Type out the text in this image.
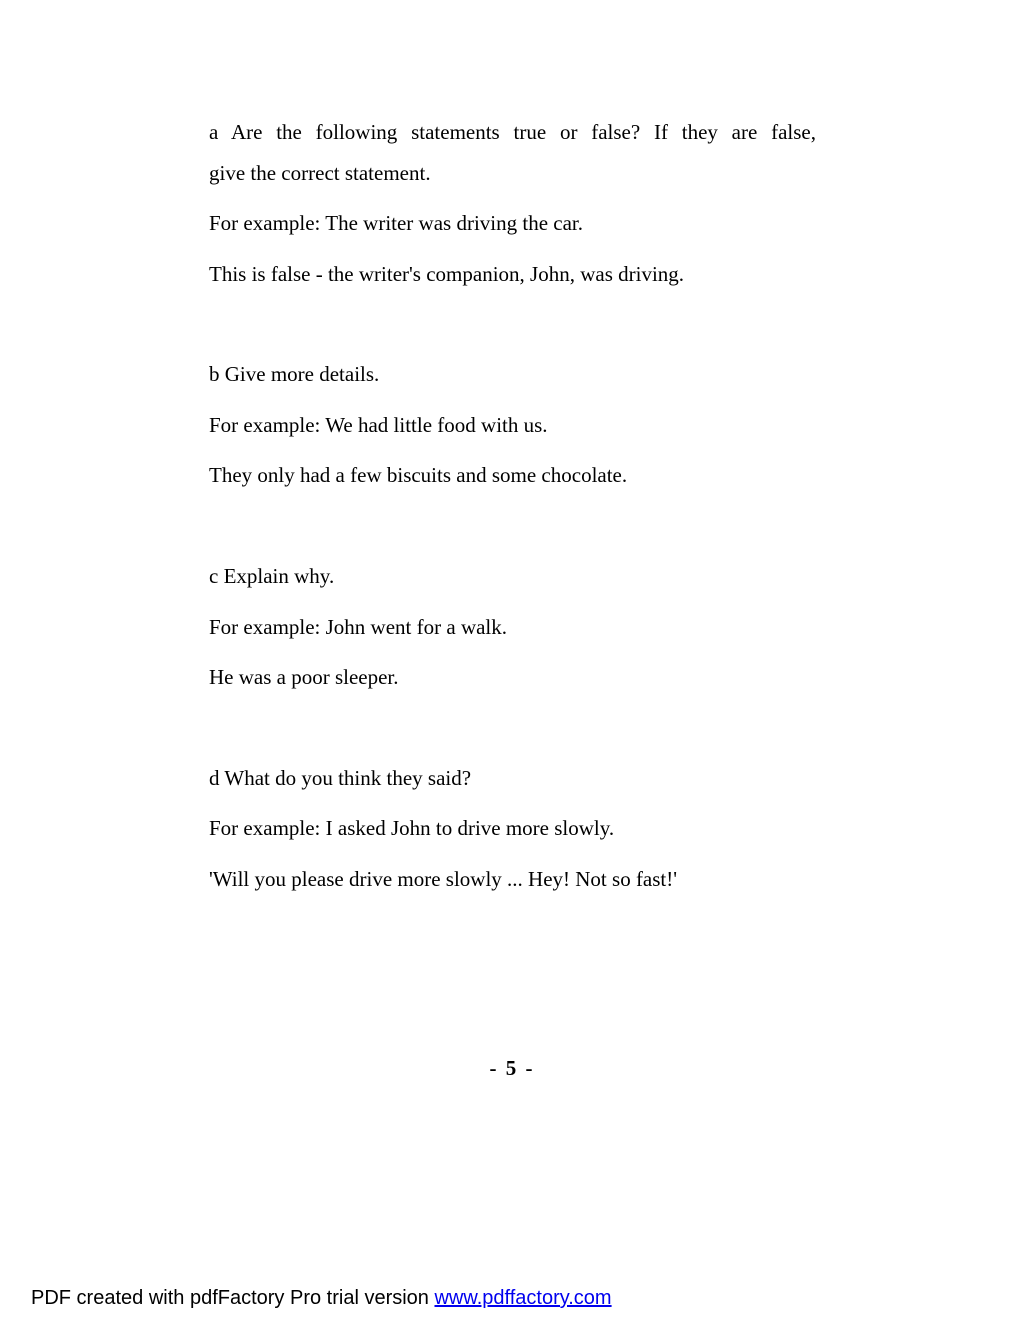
a Are the following statements true or false? If they are false,
give the correct statement.
For example: The writer was driving the car.
This is false - the writer's companion, John, was driving.
b Give more details.
For example: We had little food with us.
They only had a few biscuits and some chocolate.
c Explain why.
For example: John went for a walk.
He was a poor sleeper.
d What do you think they said?
For example: I asked John to drive more slowly.
'Will you please drive more slowly ... Hey! Not so fast!'
- 5 -
PDF created with pdfFactory Pro trial version www.pdffactory.com
